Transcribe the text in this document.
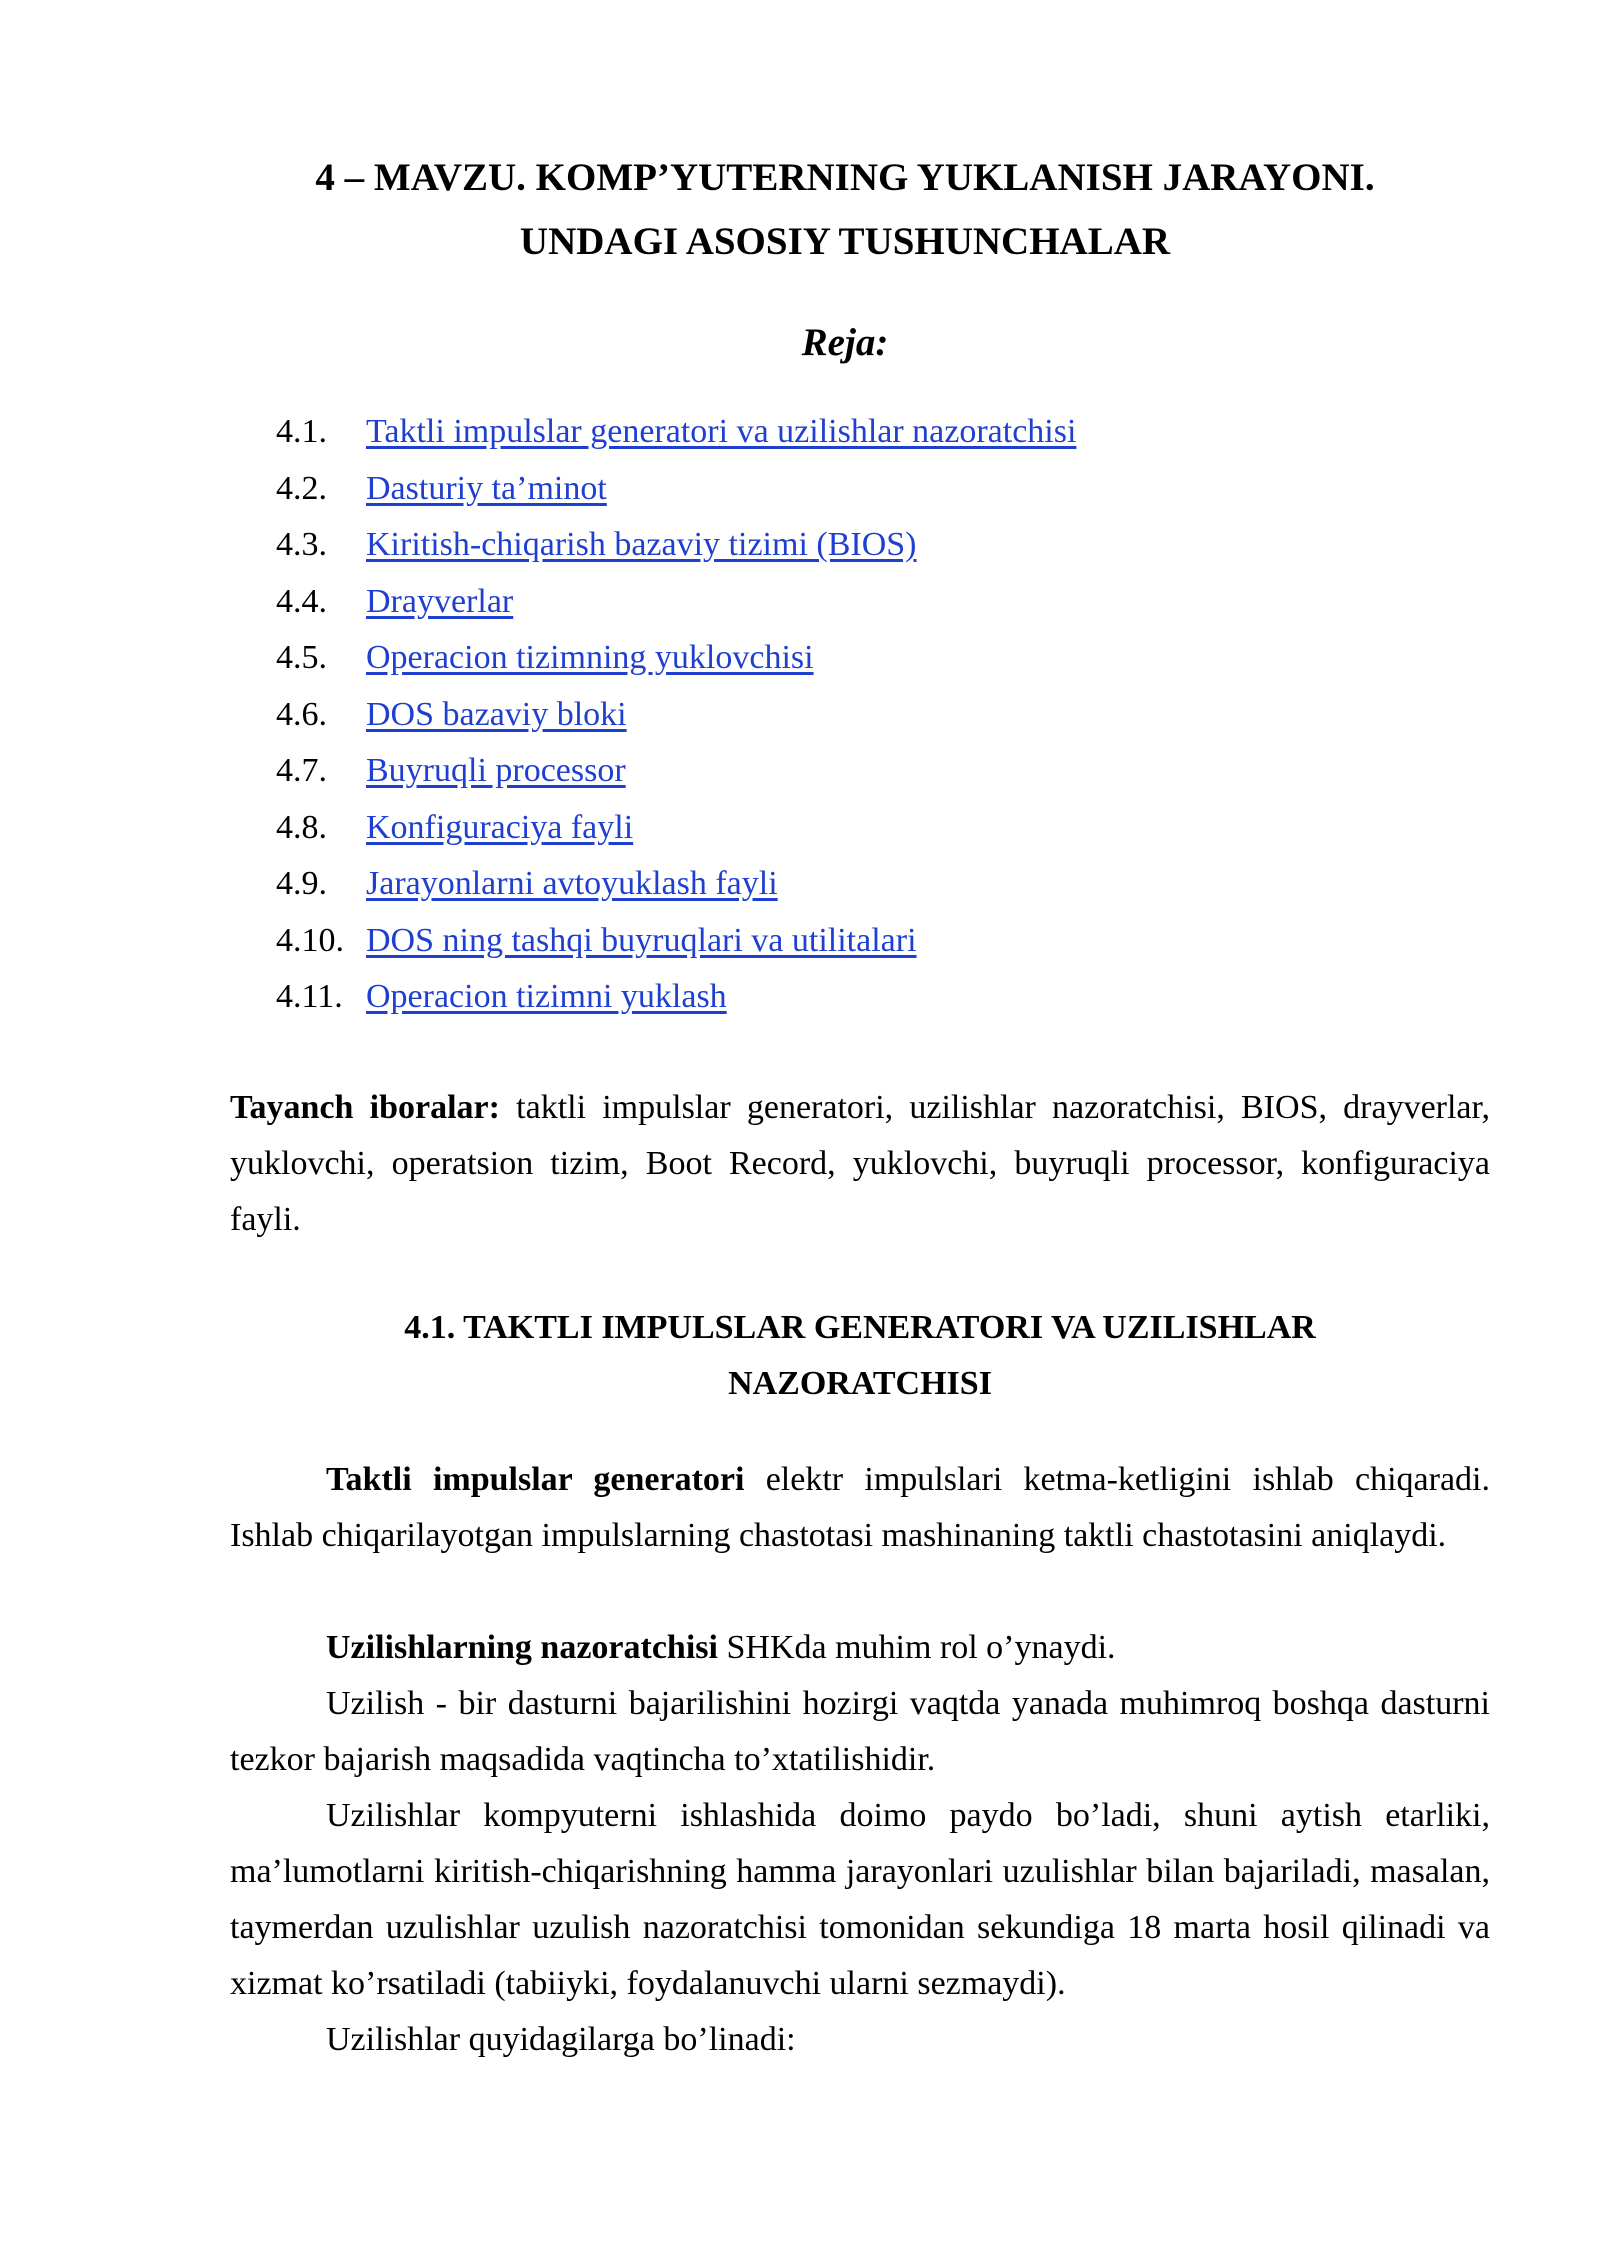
4 – MAVZU. KOMP’YUTERNING YUKLANISH JARAYONI.
UNDAGI ASOSIY TUSHUNCHALAR
Reja:
4.1. Taktli impulslar generatori va uzilishlar nazoratchisi
4.2. Dasturiy ta’minot
4.3. Kiritish-chiqarish bazaviy tizimi (BIOS)
4.4. Drayverlar
4.5. Operacion tizimning yuklovchisi
4.6. DOS bazaviy bloki
4.7. Buyruqli processor
4.8. Konfiguraciya fayli
4.9. Jarayonlarni avtoyuklash fayli
4.10. DOS ning tashqi buyruqlari va utilitalari
4.11. Operacion tizimni yuklash

Tayanch iboralar: taktli impulslar generatori, uzilishlar nazoratchisi, BIOS, drayverlar, yuklovchi, operatsion tizim, Boot Record, yuklovchi, buyruqli processor, konfiguraciya fayli.

4.1. TAKTLI IMPULSLAR GENERATORI VA UZILISHLAR
NAZORATCHISI

Taktli impulslar generatori elektr impulslari ketma-ketligini ishlab chiqaradi. Ishlab chiqarilayotgan impulslarning chastotasi mashinaning taktli chastotasini aniqlaydi.

Uzilishlarning nazoratchisi SHKda muhim rol o’ynaydi.

Uzilish - bir dasturni bajarilishini hozirgi vaqtda yanada muhimroq boshqa dasturni tezkor bajarish maqsadida vaqtincha to’xtatilishidir.

Uzilishlar kompyuterni ishlashida doimo paydo bo’ladi, shuni aytish etarliki, ma’lumotlarni kiritish-chiqarishning hamma jarayonlari uzulishlar bilan bajariladi, masalan, taymerdan uzulishlar uzulish nazoratchisi tomonidan sekundiga 18 marta hosil qilinadi va xizmat ko’rsatiladi (tabiiyki, foydalanuvchi ularni sezmaydi).

Uzilishlar quyidagilarga bo’linadi:
